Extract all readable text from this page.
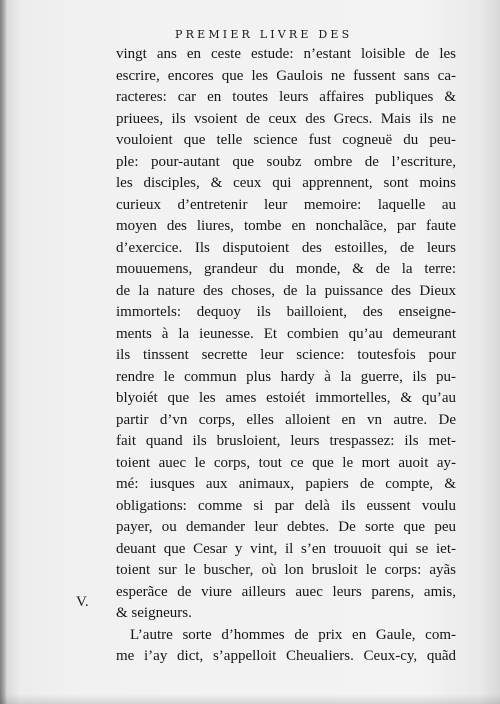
PREMIER LIVRE DES
vingt ans en ceste estude: n’estant loisible de les
escrire, encores que les Gaulois ne fussent sans ca-
racteres: car en toutes leurs affaires publiques &
priuees, ils vsoient de ceux des Grecs. Mais ils ne
vouloient que telle science fust cogneuë du peu-
ple: pour-autant que soubz ombre de l’escriture,
les disciples, & ceux qui apprennent, sont moins
curieux d’entretenir leur memoire: laquelle au
moyen des liures, tombe en nonchalãce, par faute
d’exercice. Ils disputoient des estoilles, de leurs
mouuemens, grandeur du monde, & de la terre:
de la nature des choses, de la puissance des Dieux
immortels: dequoy ils bailloient, des enseigne-
ments à la ieunesse. Et combien qu’au demeurant
ils tinssent secrette leur science: toutesfois pour
rendre le commun plus hardy à la guerre, ils pu-
blyoiét que les ames estoiét immortelles, & qu’au
partir d’vn corps, elles alloient en vn autre. De
fait quand ils brusloient, leurs trespassez: ils met-
toient auec le corps, tout ce que le mort auoit ay-
mé: iusques aux animaux, papiers de compte, &
obligations: comme si par delà ils eussent voulu
payer, ou demander leur debtes. De sorte que peu
deuant que Cesar y vint, il s’en trouuoit qui se iet-
toient sur le buscher, où lon brusloit le corps: ayãs
esperãce de viure ailleurs auec leurs parens, amis,
& seigneurs.
L’autre sorte d’hommes de prix en Gaule, com-
me i’ay dict, s’appelloit Cheualiers. Ceux-cy, quãd
V.
